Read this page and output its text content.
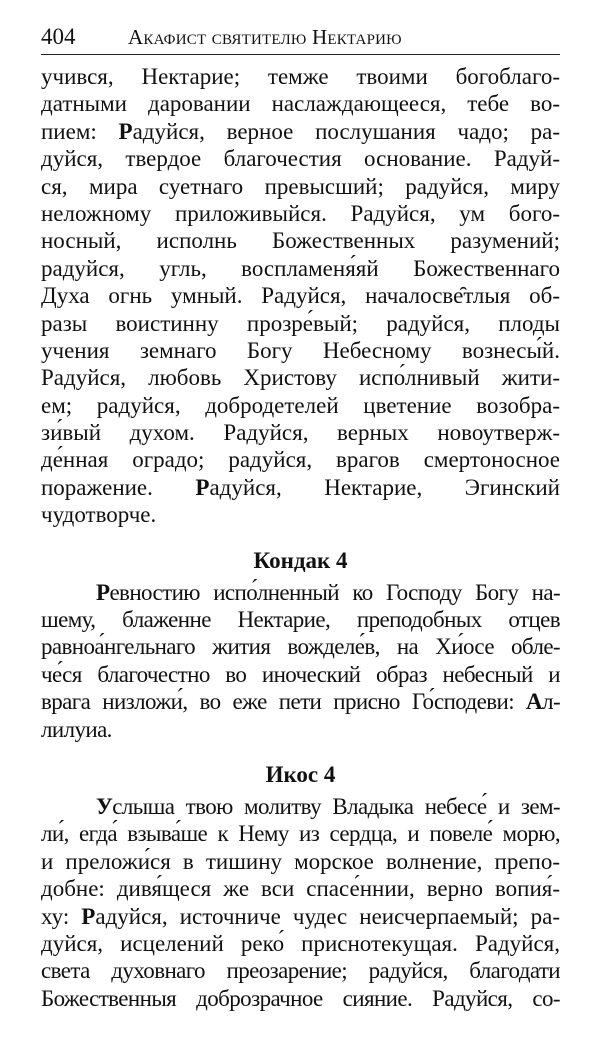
404	Акафист святителю Нектарию
учився, Нектарие; темже твоими богоблаго-
датными даровании наслаждающееся, тебе во-
пием: Радуйся, верное послушания чадо; ра-
дуйся, твердое благочестия основание. Радуй-
ся, мира суетнаго превысший; радуйся, миру
неложному приложивыйся. Радуйся, ум бого-
носный, исполнь Божественных разумений;
радуйся, угль, воспламеня́яй Божественнаго
Духа огнь умный. Радуйся, началосве̑тлыя об-
разы воистинну прозре́вый; радуйся, плоды
учения земнаго Богу Небесному вознесы́й.
Радуйся, любовь Христову испо́лнивый жити-
ем; радуйся, добродетелей цветение возобра-
зи́вый духом. Радуйся, верных новоутверж-
де́нная оградо; радуйся, врагов смертоносное
поражение. Радуйся, Нектарие, Эгинский
чудотворче.
Кондак 4
Ревностию испо́лненный ко Господу Богу на-
шему, блаженне Нектарие, преподобных отцев
равноа́нгельнаго жития вожделе́в, на Хи́осе обле-
че́ся благочестно во иноческий образ небесный и
врага низложи́, во еже пети присно Го́сподеви: Ал-
лилуиа.
Икос 4
Услыша твою молитву Владыка небесе́ и зем-
ли́, егда́ взыва́ше к Нему из сердца, и повеле́ морю,
и преложи́ся в тишину морское волнение, препо-
добне: дивя́щеся же вси спасе́ннии, верно вопия́-
ху: Радуйся, источниче чудес неисчерпаемый; ра-
дуйся, исцелений реко́ приснотекущая. Радуйся,
света духовнаго преозарение; радуйся, благодати
Божественныя доброзрачное сияние. Радуйся, со-
